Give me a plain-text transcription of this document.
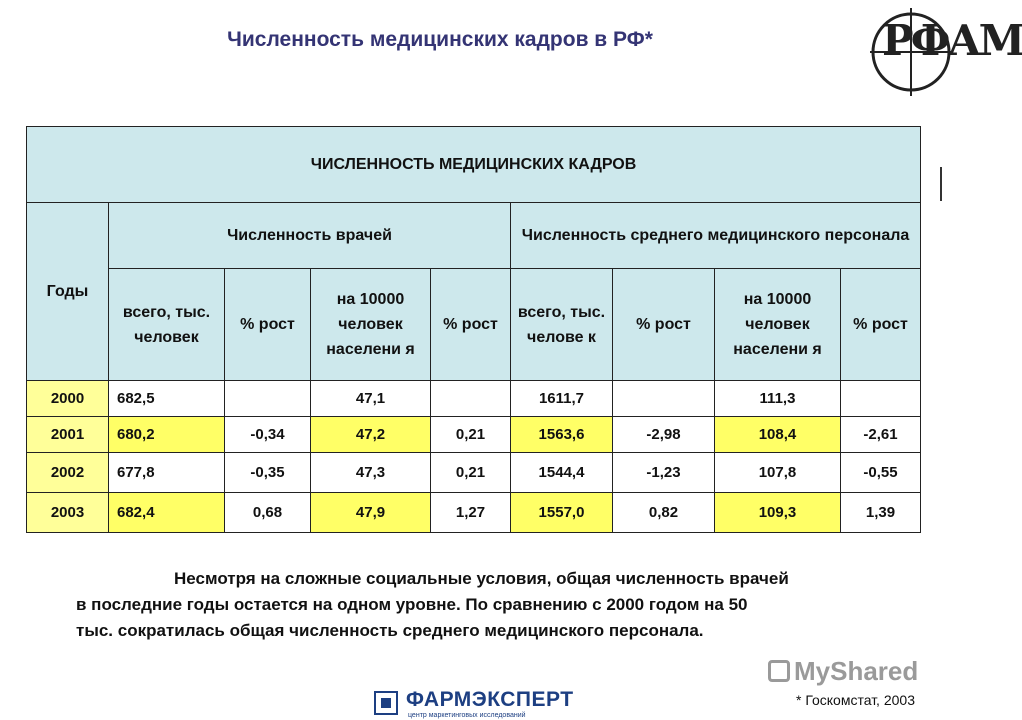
Численность медицинских кадров в РФ*	РФАМ
ЧИСЛЕННОСТЬ МЕДИЦИНСКИХ КАДРОВ								
Годы	Численность врачей				Численность среднего медицинского персонала			
	всего, тыс. человек	% рост	на 10000 человек населени я	% рост	всего, тыс. челове к	% рост	на 10000 человек населени я	% рост
2000	682,5		47,1		1611,7		111,3	
2001	680,2	-0,34	47,2	0,21	1563,6	-2,98	108,4	-2,61
2002	677,8	-0,35	47,3	0,21	1544,4	-1,23	107,8	-0,55
2003	682,4	0,68	47,9	1,27	1557,0	0,82	109,3	1,39
Несмотря на сложные социальные условия, общая численность врачей
в последние годы остается на одном уровне. По сравнению с 2000 годом на 50
тыс. сократилась общая численность среднего медицинского персонала.
ФАРМЭКСПЕРТ
центр маркетинговых исследований
MyShared
* Госкомстат, 2003
